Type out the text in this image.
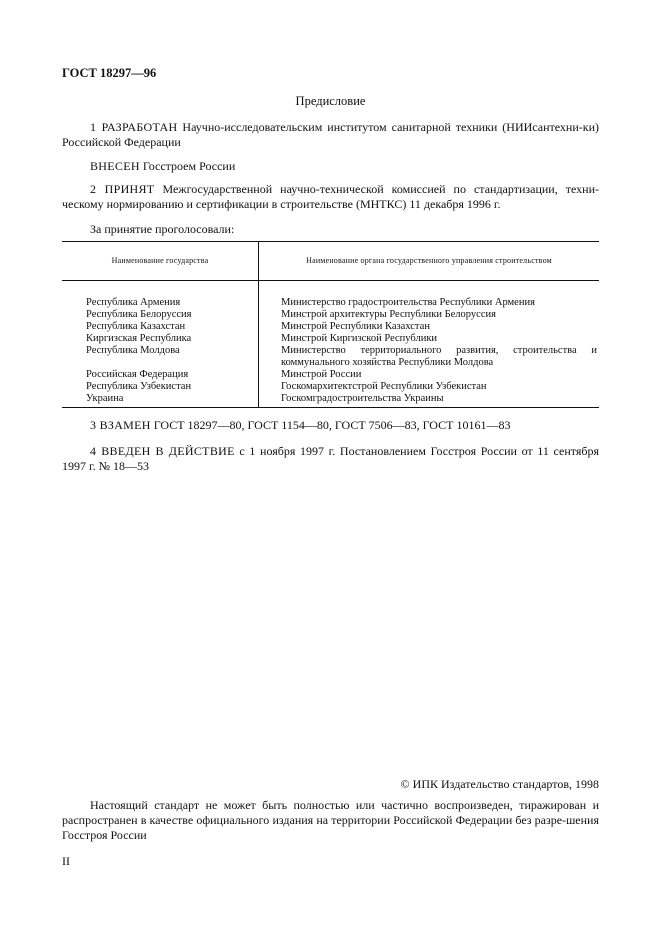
ГОСТ 18297—96
Предисловие
1 РАЗРАБОТАН Научно-исследовательским институтом санитарной техники (НИИсантехни-ки) Российской Федерации
ВНЕСЕН Госстроем России
2 ПРИНЯТ Межгосударственной научно-технической комиссией по стандартизации, техни-ческому нормированию и сертификации в строительстве (МНТКС) 11 декабря 1996 г.
За принятие проголосовали:
Наименование государства	Наименование органа государственного управления строительством

Республика Армения	Министерство градостроительства Республики Армения
Республика Белоруссия	Минстрой архитектуры Республики Белоруссия
Республика Казахстан	Минстрой Республики Казахстан
Киргизская Республика	Минстрой Киргизской Республики
Республика Молдова	Министерство территориального развития, строительства и коммунального хозяйства Республики Молдова
Российская Федерация	Минстрой России
Республика Узбекистан	Госкомархитектстрой Республики Узбекистан
Украина	Госкомградостроительства Украины
3 ВЗАМЕН ГОСТ 18297—80, ГОСТ 1154—80, ГОСТ 7506—83, ГОСТ 10161—83
4 ВВЕДЕН В ДЕЙСТВИЕ с 1 ноября 1997 г. Постановлением Госстроя России от 11 сентября 1997 г. № 18—53
© ИПК Издательство стандартов, 1998
Настоящий стандарт не может быть полностью или частично воспроизведен, тиражирован и распространен в качестве официального издания на территории Российской Федерации без разре-шения Госстроя России
II
